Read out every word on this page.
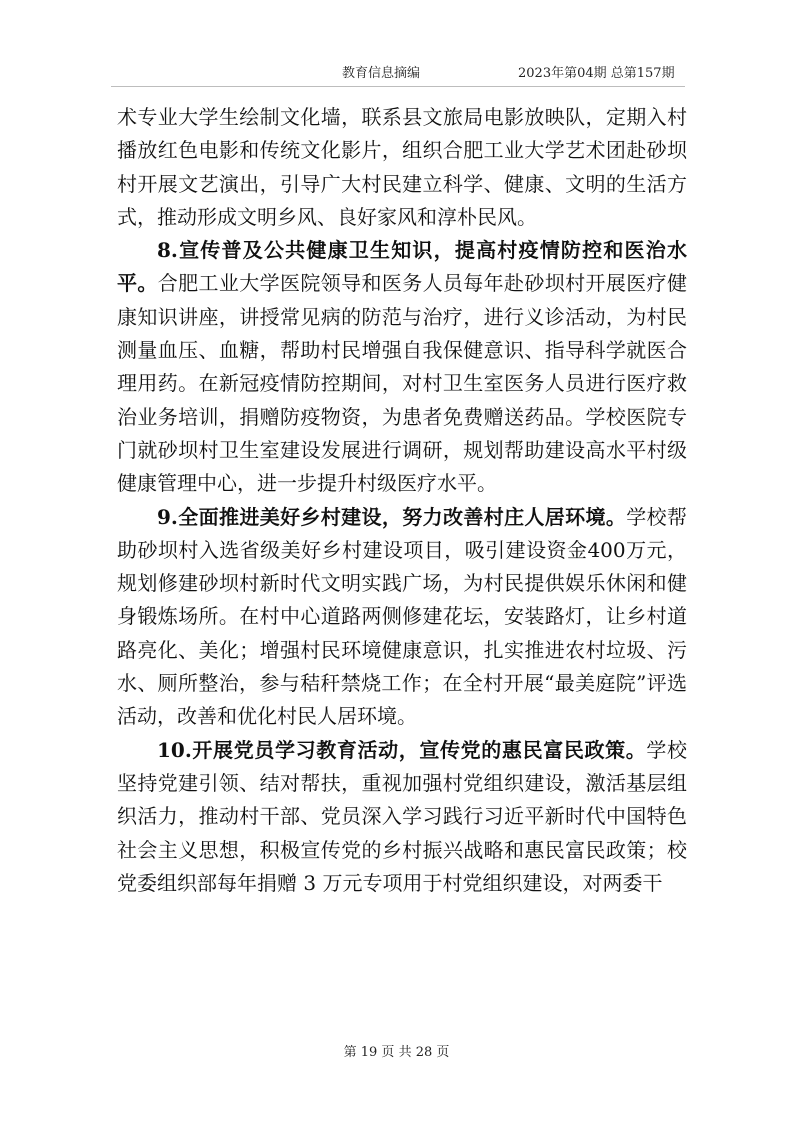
教育信息摘编	2023年第04期 总第157期

术专业大学生绘制文化墙，联系县文旅局电影放映队，定期入村播放红色电影和传统文化影片，组织合肥工业大学艺术团赴砂坝村开展文艺演出，引导广大村民建立科学、健康、文明的生活方式，推动形成文明乡风、良好家风和淳朴民风。

8.宣传普及公共健康卫生知识，提高村疫情防控和医治水平。合肥工业大学医院领导和医务人员每年赴砂坝村开展医疗健康知识讲座，讲授常见病的防范与治疗，进行义诊活动，为村民测量血压、血糖，帮助村民增强自我保健意识、指导科学就医合理用药。在新冠疫情防控期间，对村卫生室医务人员进行医疗救治业务培训，捐赠防疫物资，为患者免费赠送药品。学校医院专门就砂坝村卫生室建设发展进行调研，规划帮助建设高水平村级健康管理中心，进一步提升村级医疗水平。

9.全面推进美好乡村建设，努力改善村庄人居环境。学校帮助砂坝村入选省级美好乡村建设项目，吸引建设资金400万元，规划修建砂坝村新时代文明实践广场，为村民提供娱乐休闲和健身锻炼场所。在村中心道路两侧修建花坛，安装路灯，让乡村道路亮化、美化；增强村民环境健康意识，扎实推进农村垃圾、污水、厕所整治，参与秸秆禁烧工作；在全村开展“最美庭院”评选活动，改善和优化村民人居环境。

10.开展党员学习教育活动，宣传党的惠民富民政策。学校坚持党建引领、结对帮扶，重视加强村党组织建设，激活基层组织活力，推动村干部、党员深入学习践行习近平新时代中国特色社会主义思想，积极宣传党的乡村振兴战略和惠民富民政策；校党委组织部每年捐赠 3 万元专项用于村党组织建设，对两委干

第 19 页 共 28 页
